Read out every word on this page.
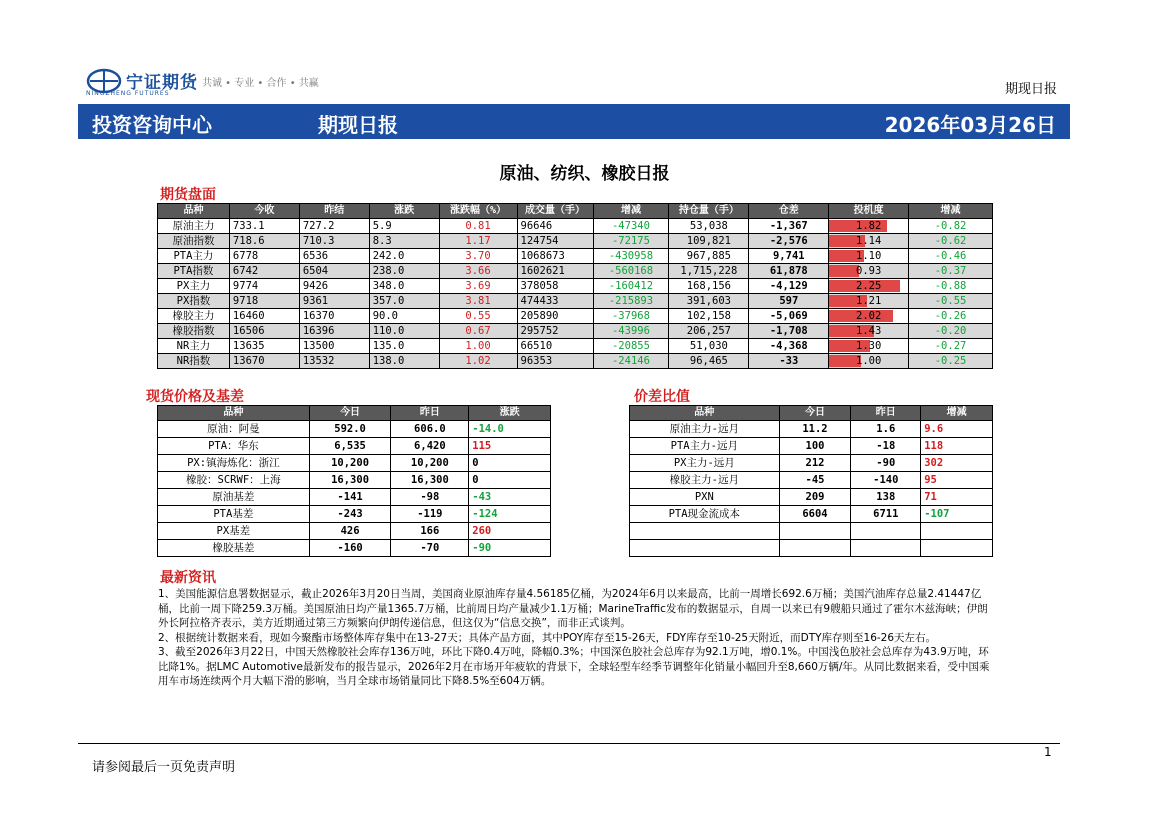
宁证期货
NINGZHENG FUTURES
共诚 • 专业 • 合作 • 共赢	期现日报
投资咨询中心	期现日报	2026年03月26日
原油、纺织、橡胶日报
期货盘面
品种	今收	昨结	涨跌	涨跌幅（%）	成交量（手）	增减	持仓量（手）	仓差	投机度	增减
原油主力	733.1	727.2	5.9	0.81	96646	-47340	53,038	-1,367	1.82	-0.82
原油指数	718.6	710.3	8.3	1.17	124754	-72175	109,821	-2,576	1.14	-0.62
PTA主力	6778	6536	242.0	3.70	1068673	-430958	967,885	9,741	1.10	-0.46
PTA指数	6742	6504	238.0	3.66	1602621	-560168	1,715,228	61,878	0.93	-0.37
PX主力	9774	9426	348.0	3.69	378058	-160412	168,156	-4,129	2.25	-0.88
PX指数	9718	9361	357.0	3.81	474433	-215893	391,603	597	1.21	-0.55
橡胶主力	16460	16370	90.0	0.55	205890	-37968	102,158	-5,069	2.02	-0.26
橡胶指数	16506	16396	110.0	0.67	295752	-43996	206,257	-1,708	1.43	-0.20
NR主力	13635	13500	135.0	1.00	66510	-20855	51,030	-4,368	1.30	-0.27
NR指数	13670	13532	138.0	1.02	96353	-24146	96,465	-33	1.00	-0.25
现货价格及基差
品种	今日	昨日	涨跌
原油：阿曼	592.0	606.0	-14.0
PTA：华东	6,535	6,420	115
PX:镇海炼化：浙江	10,200	10,200	0
橡胶：SCRWF：上海	16,300	16,300	0
原油基差	-141	-98	-43
PTA基差	-243	-119	-124
PX基差	426	166	260
橡胶基差	-160	-70	-90
价差比值
品种	今日	昨日	增减
原油主力-远月	11.2	1.6	9.6
PTA主力-远月	100	-18	118
PX主力-远月	212	-90	302
橡胶主力-远月	-45	-140	95
PXN	209	138	71
PTA现金流成本	6604	6711	-107

最新资讯

1、美国能源信息署数据显示，截止2026年3月20日当周，美国商业原油库存量4.56185亿桶，为2024年6月以来最高，比前一周增长692.6万桶；美国汽油库存总量2.41447亿桶，比前一周下降259.3万桶。美国原油日均产量1365.7万桶，比前周日均产量减少1.1万桶；MarineTraffic发布的数据显示，自周一以来已有9艘船只通过了霍尔木兹海峡；伊朗外长阿拉格齐表示，美方近期通过第三方频繁向伊朗传递信息，但这仅为“信息交换”，而非正式谈判。

2、根据统计数据来看，现如今聚酯市场整体库存集中在13-27天；具体产品方面，其中POY库存至15-26天，FDY库存至10-25天附近，而DTY库存则至16-26天左右。

3、截至2026年3月22日，中国天然橡胶社会库存136万吨，环比下降0.4万吨，降幅0.3%；中国深色胶社会总库存为92.1万吨，增0.1%。中国浅色胶社会总库存为43.9万吨，环比降1%。据LMC Automotive最新发布的报告显示，2026年2月在市场开年疲软的背景下，全球轻型车经季节调整年化销量小幅回升至8,660万辆/年。从同比数据来看，受中国乘用车市场连续两个月大幅下滑的影响，当月全球市场销量同比下降8.5%至604万辆。

1
请参阅最后一页免责声明
